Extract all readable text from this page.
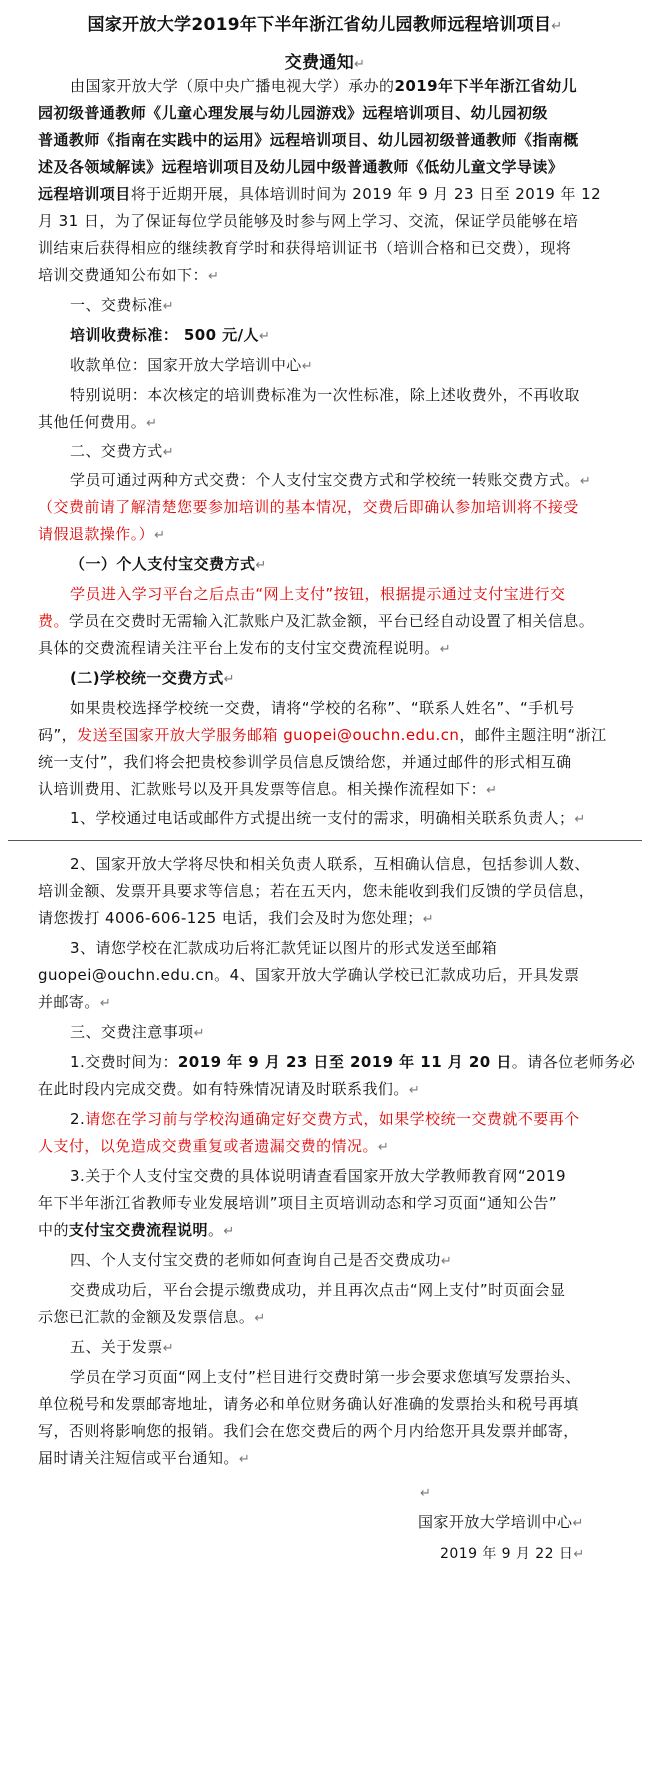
国家开放大学2019年下半年浙江省幼儿园教师远程培训项目↵
交费通知↵

由国家开放大学（原中央广播电视大学）承办的2019年下半年浙江省幼儿

园初级普通教师《儿童心理发展与幼儿园游戏》远程培训项目、幼儿园初级

普通教师《指南在实践中的运用》远程培训项目、幼儿园初级普通教师《指南概

述及各领域解读》远程培训项目及幼儿园中级普通教师《低幼儿童文学导读》

远程培训项目将于近期开展，具体培训时间为 2019 年 9 月 23 日至 2019 年 12

月 31 日，为了保证每位学员能够及时参与网上学习、交流，保证学员能够在培

训结束后获得相应的继续教育学时和获得培训证书（培训合格和已交费），现将

培训交费通知公布如下：↵

一、交费标准↵

培训收费标准： 500 元/人↵

收款单位：国家开放大学培训中心↵

特别说明：本次核定的培训费标准为一次性标准，除上述收费外，不再收取

其他任何费用。↵

二、交费方式↵

学员可通过两种方式交费：个人支付宝交费方式和学校统一转账交费方式。↵

（交费前请了解清楚您要参加培训的基本情况，交费后即确认参加培训将不接受

请假退款操作。）↵

（一）个人支付宝交费方式↵

学员进入学习平台之后点击“网上支付”按钮，根据提示通过支付宝进行交

费。学员在交费时无需输入汇款账户及汇款金额，平台已经自动设置了相关信息。

具体的交费流程请关注平台上发布的支付宝交费流程说明。↵

(二)学校统一交费方式↵

如果贵校选择学校统一交费，请将“学校的名称”、“联系人姓名”、“手机号

码”，发送至国家开放大学服务邮箱 guopei@ouchn.edu.cn，邮件主题注明“浙江

统一支付”，我们将会把贵校参训学员信息反馈给您，并通过邮件的形式相互确

认培训费用、汇款账号以及开具发票等信息。相关操作流程如下：↵

1、学校通过电话或邮件方式提出统一支付的需求，明确相关联系负责人；↵

2、国家开放大学将尽快和相关负责人联系，互相确认信息，包括参训人数、

培训金额、发票开具要求等信息；若在五天内，您未能收到我们反馈的学员信息，

请您拨打 4006-606-125 电话，我们会及时为您处理；↵

3、请您学校在汇款成功后将汇款凭证以图片的形式发送至邮箱

guopei@ouchn.edu.cn。4、国家开放大学确认学校已汇款成功后，开具发票

并邮寄。↵

三、交费注意事项↵

1.交费时间为：2019 年 9 月 23 日至 2019 年 11 月 20 日。请各位老师务必

在此时段内完成交费。如有特殊情况请及时联系我们。↵

2.请您在学习前与学校沟通确定好交费方式，如果学校统一交费就不要再个

人支付，以免造成交费重复或者遗漏交费的情况。↵

3.关于个人支付宝交费的具体说明请查看国家开放大学教师教育网“2019

年下半年浙江省教师专业发展培训”项目主页培训动态和学习页面“通知公告”

中的支付宝交费流程说明。↵

四、个人支付宝交费的老师如何查询自己是否交费成功↵

交费成功后，平台会提示缴费成功，并且再次点击“网上支付”时页面会显

示您已汇款的金额及发票信息。↵

五、关于发票↵

学员在学习页面“网上支付”栏目进行交费时第一步会要求您填写发票抬头、

单位税号和发票邮寄地址，请务必和单位财务确认好准确的发票抬头和税号再填

写，否则将影响您的报销。我们会在您交费后的两个月内给您开具发票并邮寄，

届时请关注短信或平台通知。↵

↵

国家开放大学培训中心↵

2019 年 9 月 22 日↵
